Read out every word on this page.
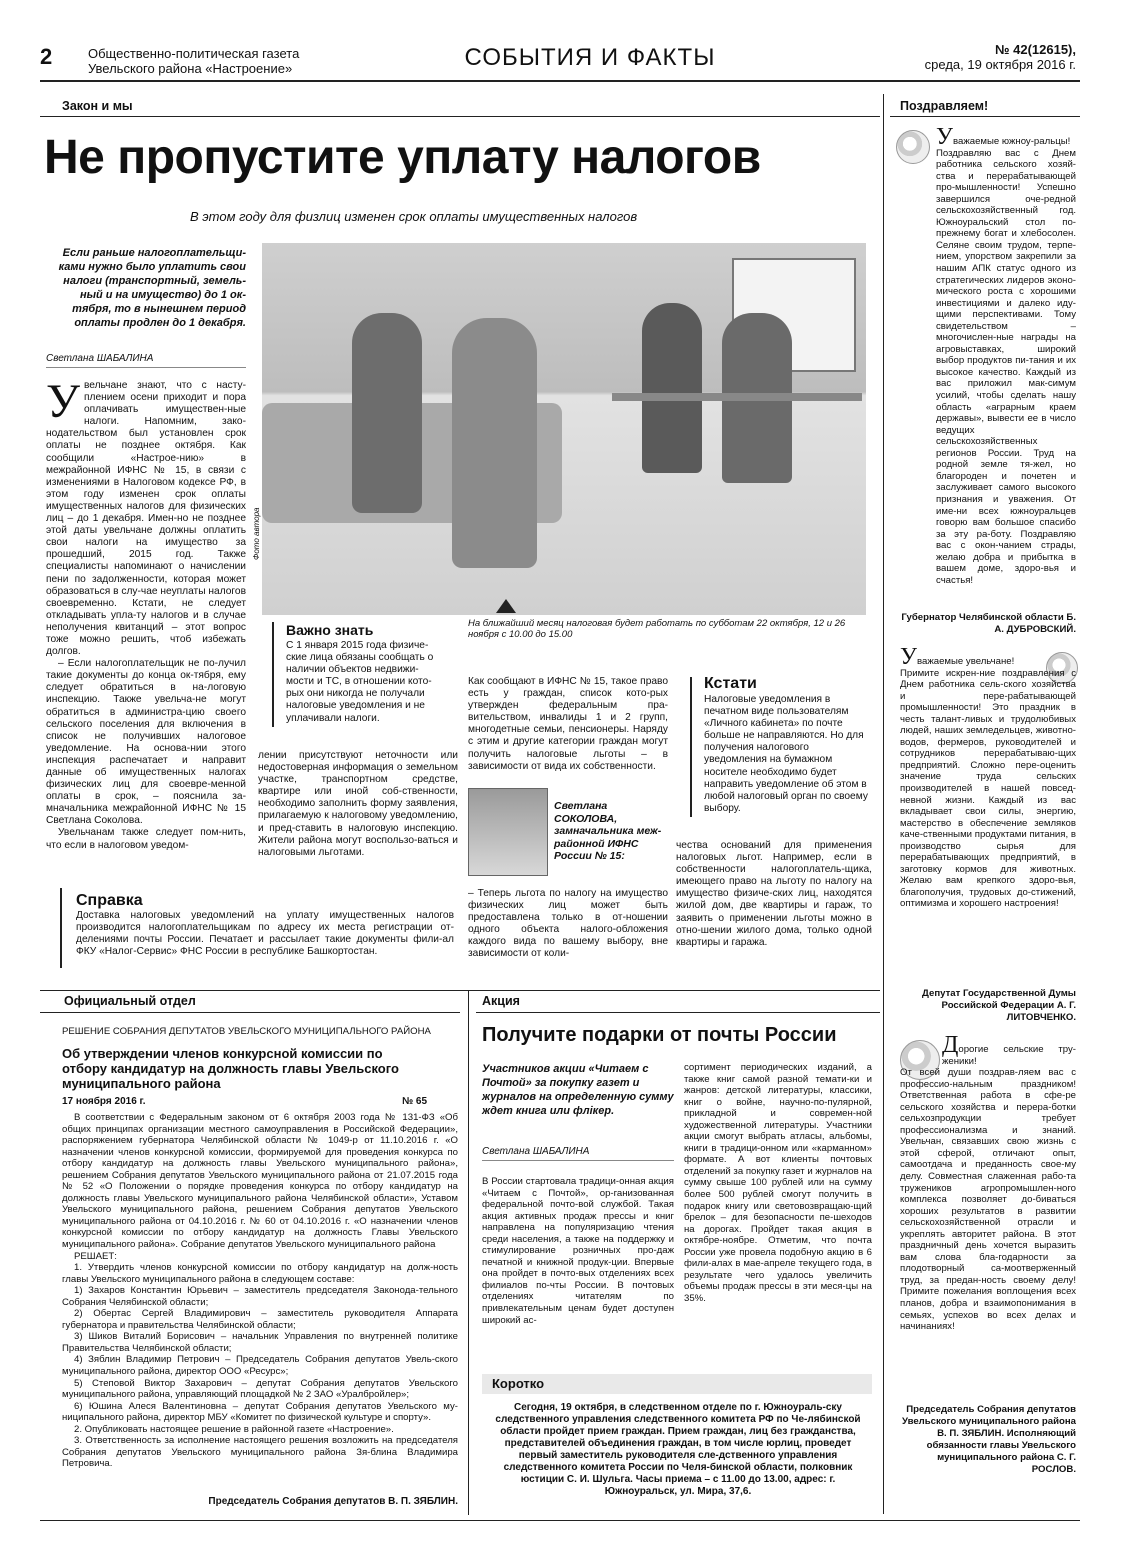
2	Общественно-политическая газета
Увельского района «Настроение»	СОБЫТИЯ И ФАКТЫ	№ 42(12615),
среда, 19 октября 2016 г.
Закон и мы
Не пропустите уплату налогов
В этом году для физлиц изменен срок оплаты имущественных налогов
Если раньше налогоплательщи-ками нужно было уплатить свои налоги (транспортный, земель-ный и на имущество) до 1 ок-тября, то в нынешнем период оплаты продлен до 1 декабря.
Светлана ШАБАЛИНА
Фото автора
На ближайший месяц налоговая будет работать по субботам 22 октября, 12 и 26 ноября с 10.00 до 15.00
У вельчане знают, что с насту-плением осени приходит и пора оплачивать имуществен-ные налоги. Напомним, зако-нодательством был установлен срок оплаты не позднее октября. Как сообщили «Настрое-нию» в межрайонной ИФНС № 15, в связи с изменениями в Налоговом кодексе РФ, в этом году изменен срок оплаты имущественных налогов для физических лиц – до 1 декабря. Имен-но не позднее этой даты увельчане должны оплатить свои налоги на имущество за прошедший, 2015 год. Также специалисты напоминают о начислении пени по задолженности, которая может образоваться в слу-чае неуплаты налогов своевременно. Кстати, не следует откладывать упла-ту налогов и в случае неполучения квитанций – этот вопрос тоже можно решить, чтоб избежать долгов.

– Если налогоплательщик не по-лучил такие документы до конца ок-тября, ему следует обратиться в на-логовую инспекцию. Также увельча-не могут обратиться в администра-цию своего сельского поселения для включения в список не получивших налоговое уведомление. На основа-нии этого инспекция распечатает и направит данные об имущественных налогах физических лиц для своевре-менной оплаты в срок, – пояснила за-мначальника межрайонной ИФНС № 15 Светлана Соколова.

Увельчанам также следует пом-нить, что если в налоговом уведом-

Важно знать
С 1 января 2015 года физиче-ские лица обязаны сообщать о наличии объектов недвижи-мости и ТС, в отношении кото-рых они никогда не получали налоговые уведомления и не уплачивали налоги.
лении присутствуют неточности или недостоверная информация о земельном участке, транспортном средстве, квартире или иной соб-ственности, необходимо заполнить форму заявления, прилагаемую к налоговому уведомлению, и пред-ставить в налоговую инспекцию. Жители района могут воспользо-ваться и налоговыми льготами.
Как сообщают в ИФНС № 15, такое право есть у граждан, список кото-рых утвержден федеральным пра-вительством, инвалиды 1 и 2 групп, многодетные семьи, пенсионеры. Наряду с этим и другие категории граждан могут получить налоговые льготы – в зависимости от вида их собственности.
Светлана СОКОЛОВА, замначальника меж-районной ИФНС России № 15:
– Теперь льгота по налогу на имущество физических лиц может быть предоставлена только в от-ношении одного объекта налого-обложения каждого вида по вашему выбору, вне зависимости от коли-
Кстати
Налоговые уведомления в печатном виде пользователям «Личного кабинета» по почте больше не направляются. Но для получения налогового уведомления на бумажном носителе необходимо будет направить уведомление об этом в любой налоговый орган по своему выбору.
чества оснований для применения налоговых льгот. Например, если в собственности налогоплатель-щика, имеющего право на льготу по налогу на имущество физиче-ских лиц, находятся жилой дом, две квартиры и гараж, то заявить о применении льготы можно в отно-шении жилого дома, только одной квартиры и гаража.
Справка
Доставка налоговых уведомлений на уплату имущественных налогов производится налогоплательщикам по адресу их места регистрации от-делениями почты России. Печатает и рассылает такие документы фили-ал ФКУ «Налог-Сервис» ФНС России в республике Башкортостан.
Поздравляем!
Уважаемые южноу-ральцы!
Поздравляю вас с Днем работника сельского хозяй-ства и перерабатывающей про-мышленности! Успешно завершился оче-редной сельскохозяйственный год. Южноуральский стол по-прежнему богат и хлебосолен. Селяне своим трудом, терпе-нием, упорством закрепили за нашим АПК статус одного из стратегических лидеров эконо-мического роста с хорошими инвестициями и далеко иду-щими перспективами. Тому свидетельством – многочислен-ные награды на агровыставках, широкий выбор продуктов пи-тания и их высокое качество. Каждый из вас приложил мак-симум усилий, чтобы сделать нашу область «аграрным краем державы», вывести ее в число ведущих сельскохозяйственных регионов России. Труд на родной земле тя-жел, но благороден и почетен и заслуживает самого высокого признания и уважения. От име-ни всех южноуральцев говорю вам большое спасибо за эту ра-боту. Поздравляю вас с окон-чанием страды, желаю добра и прибытка в вашем доме, здоро-вья и счастья!
Губернатор Челябинской области Б. А. ДУБРОВСКИЙ.
Уважаемые увельчане!
Примите искрен-ние поздравления с Днем работника сель-ского хозяйства и пере-рабатывающей промышленности! Это праздник в честь талант-ливых и трудолюбивых людей, наших земледельцев, животно-водов, фермеров, руководителей и сотрудников перерабатываю-щих предприятий. Сложно пере-оценить значение труда сельских производителей в нашей повсед-невной жизни. Каждый из вас вкладывает свои силы, энергию, мастерство в обеспечение земляков каче-ственными продуктами питания, в производство сырья для перерабатывающих предприятий, в заготовку кормов для животных. Желаю вам крепкого здоро-вья, благополучия, трудовых до-стижений, оптимизма и хорошего настроения!
Депутат Государственной Думы Российской Федерации А. Г. ЛИТОВЧЕНКО.
Дорогие сельские тру-женики!
От всей души поздрав-ляем вас с профессио-нальным праздником! Ответственная работа в сфе-ре сельского хозяйства и перера-ботки сельхозпродукции требует профессионализма и знаний. Увельчан, связавших свою жизнь с этой сферой, отличают опыт, самоотдача и преданность свое-му делу. Совместная слаженная рабо-та тружеников агропромышлен-ного комплекса позволяет до-биваться хороших результатов в развитии сельскохозяйственной отрасли и укреплять авторитет района. В этот праздничный день хочется выразить вам слова бла-годарности за плодотворный са-моотверженный труд, за предан-ность своему делу! Примите пожелания воплощения всех планов, добра и взаимопонимания в семьях, успехов во всех делах и начинаниях!
Председатель Собрания депутатов Увельского муниципального района В. П. ЗЯБЛИН. Исполняющий обязанности главы Увельского муниципального района С. Г. РОСЛОВ.
Официальный отдел
РЕШЕНИЕ СОБРАНИЯ ДЕПУТАТОВ УВЕЛЬСКОГО МУНИЦИПАЛЬНОГО РАЙОНА
Об утверждении членов конкурсной комиссии по отбору кандидатур на должность главы Увельского муниципального района
17 ноября 2016 г.	№ 65

В соответствии с Федеральным законом от 6 октября 2003 года № 131-ФЗ «Об общих принципах организации местного самоуправления в Российской Федерации», распоряжением губернатора Челябинской области № 1049-р от 11.10.2016 г. «О назначении членов конкурсной комиссии, формируемой для проведения конкурса по отбору кандидатур на должность главы Увельского муниципального района», решением Собрания депутатов Увельского муниципального района от 21.07.2015 года № 52 «О Положении о порядке проведения конкурса по отбору кандидатур на должность главы Увельского муниципального района Челябинской области», Уставом Увельского муниципального района, решением Собрания депутатов Увельского муниципального района от 04.10.2016 г. № 60 от 04.10.2016 г. «О назначении членов конкурсной комиссии по отбору кандидатур на должность Главы Увельского муниципального района». Собрание депутатов Увельского муниципального района

РЕШАЕТ:

1. Утвердить членов конкурсной комиссии по отбору кандидатур на долж-ность главы Увельского муниципального района в следующем составе:

1) Захаров Константин Юрьевич – заместитель председателя Законода-тельного Собрания Челябинской области;

2) Обертас Сергей Владимирович – заместитель руководителя Аппарата губернатора и правительства Челябинской области;

3) Шиков Виталий Борисович – начальник Управления по внутренней политике Правительства Челябинской области;

4) Зяблин Владимир Петрович – Председатель Собрания депутатов Увель-ского муниципального района, директор ООО «Ресурс»;

5) Степовой Виктор Захарович – депутат Собрания депутатов Увельского муниципального района, управляющий площадкой № 2 ЗАО «Уралбройлер»;

6) Юшина Алеся Валентиновна – депутат Собрания депутатов Увельского му-ниципального района, директор МБУ «Комитет по физической культуре и спорту».

2. Опубликовать настоящее решение в районной газете «Настроение».

3. Ответственность за исполнение настоящего решения возложить на председателя Собрания депутатов Увельского муниципального района Зя-блина Владимира Петровича.

Председатель Собрания депутатов В. П. ЗЯБЛИН.
Акция
Получите подарки от почты России
Участников акции «Читаем с Почтой» за покупку газет и журналов на определенную сумму ждет книга или флікер.
Светлана ШАБАЛИНА
В России стартовала традици-онная акция «Читаем с Почтой», ор-ганизованная федеральной почто-вой службой. Такая акция активных продаж прессы и книг направлена на популяризацию чтения среди населения, а также на поддержку и стимулирование розничных про-даж печатной и книжной продук-ции. Впервые она пройдет в почто-вых отделениях всех филиалов по-чты России. В почтовых отделениях читателям по привлекательным ценам будет доступен широкий ас-
сортимент периодических изданий, а также книг самой разной темати-ки и жанров: детской литературы, классики, книг о войне, научно-по-пулярной, прикладной и современ-ной художественной литературы. Участники акции смогут выбрать атласы, альбомы, книги в традици-онном или «карманном» формате. А вот клиенты почтовых отделений за покупку газет и журналов на сумму свыше 100 рублей или на сумму более 500 рублей смогут получить в подарок книгу или световозвращаю-щий брелок – для безопасности пе-шеходов на дорогах. Пройдет такая акция в октябре-ноябре. Отметим, что почта России уже провела подобную акцию в 6 фили-алах в мае-апреле текущего года, в результате чего удалось увеличить объемы продаж прессы в эти меся-цы на 35%.
Коротко
Сегодня, 19 октября, в следственном отделе по г. Южноураль-ску следственного управления следственного комитета РФ по Че-лябинской области пройдет прием граждан. Прием граждан, лиц без гражданства, представителей объединения граждан, в том числе юрлиц, проведет первый заместитель руководителя сле-дственного управления следственного комитета России по Челя-бинской области, полковник юстиции С. И. Шульга. Часы приема – с 11.00 до 13.00, адрес: г. Южноуральск, ул. Мира, 37,6.
